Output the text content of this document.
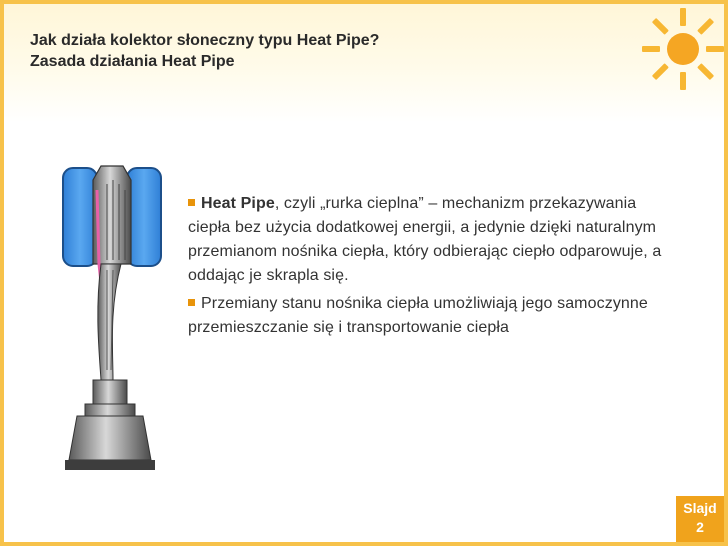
Jak działa kolektor słoneczny typu Heat Pipe?
Zasada działania Heat Pipe
Heat Pipe, czyli „rurka cieplna” – mechanizm przekazywania ciepła bez użycia dodatkowej energii, a jedynie dzięki naturalnym przemianom nośnika ciepła, który odbierając ciepło odparowuje, a oddając je skrapla się.
Przemiany stanu nośnika ciepła umożliwiają jego samoczynne przemieszczanie się i transportowanie ciepła
Slajd
2
